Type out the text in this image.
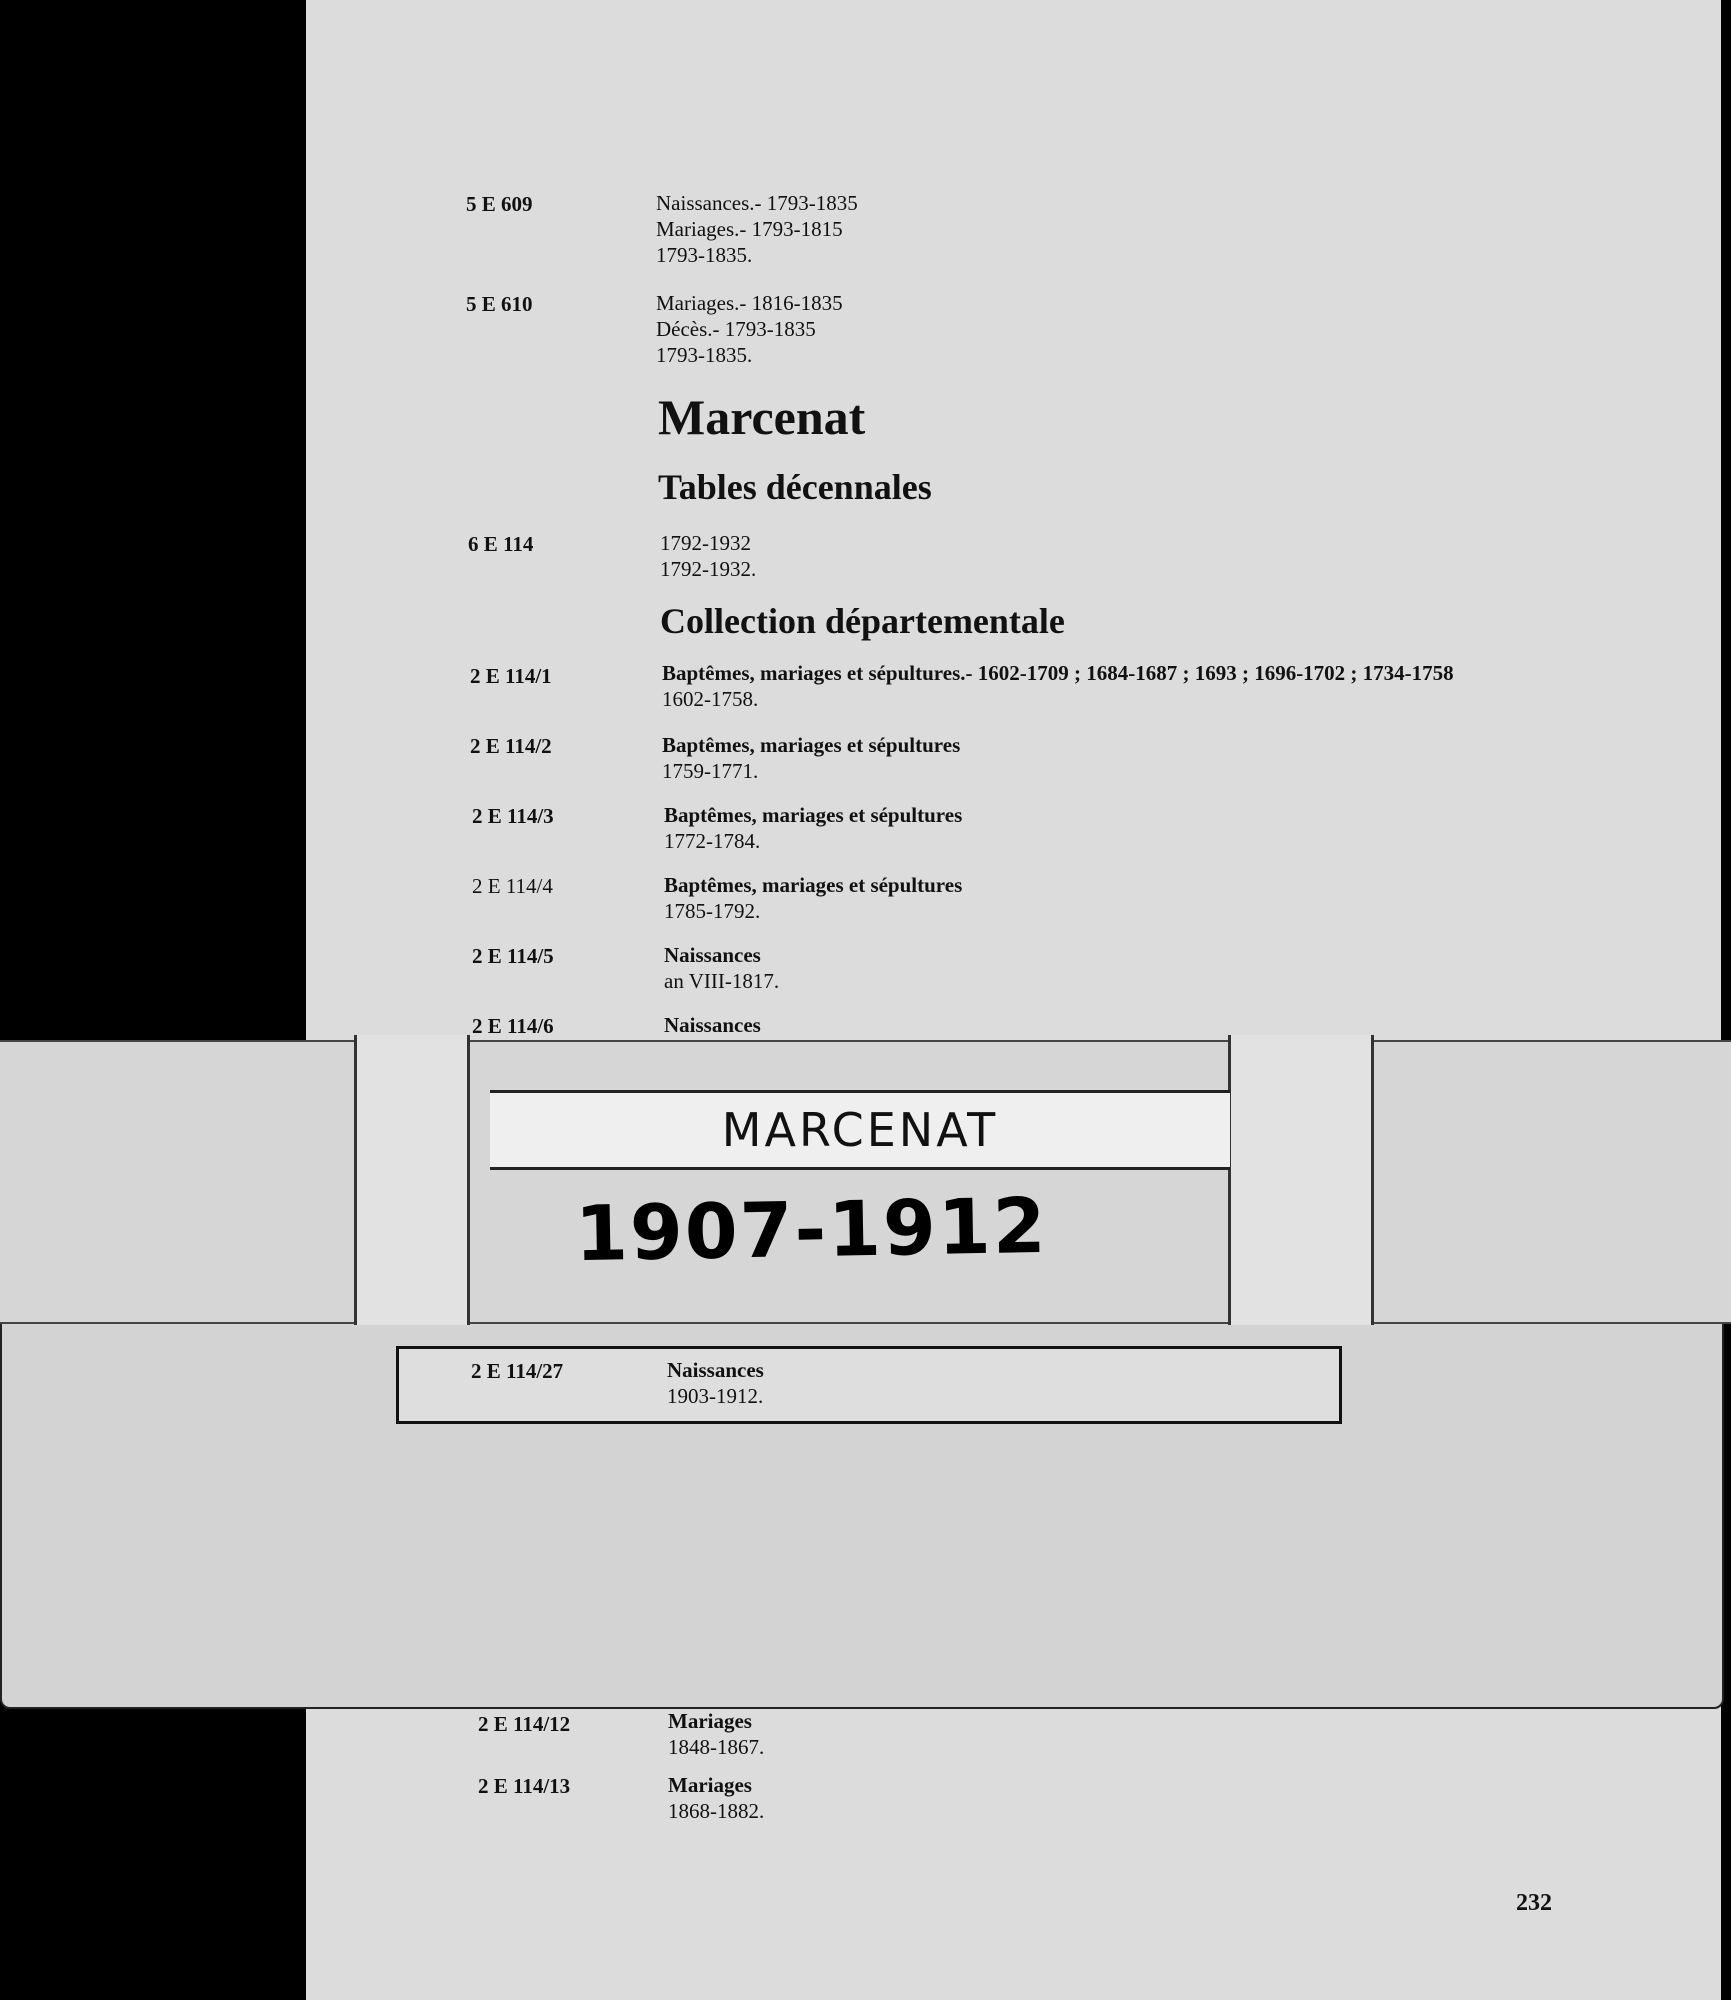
5 E 609	Naissances.- 1793-1835
Mariages.- 1793-1815
1793-1835.
5 E 610	Mariages.- 1816-1835
Décès.- 1793-1835
1793-1835.
Marcenat
Tables décennales
6 E 114	1792-1932
1792-1932.
Collection départementale
2 E 114/1	Baptêmes, mariages et sépultures.- 1602-1709 ; 1684-1687 ; 1693 ; 1696-1702 ; 1734-1758
1602-1758.
2 E 114/2	Baptêmes, mariages et sépultures
1759-1771.
2 E 114/3	Baptêmes, mariages et sépultures
1772-1784.
2 E 114/4	Baptêmes, mariages et sépultures
1785-1792.
2 E 114/5	Naissances
an VIII-1817.
2 E 114/6	Naissances
2 E 114/12	Mariages
1848-1867.
2 E 114/13	Mariages
1868-1882.
232
2 E 114/27	Naissances
1903-1912.
MARCENAT
1907-1912
